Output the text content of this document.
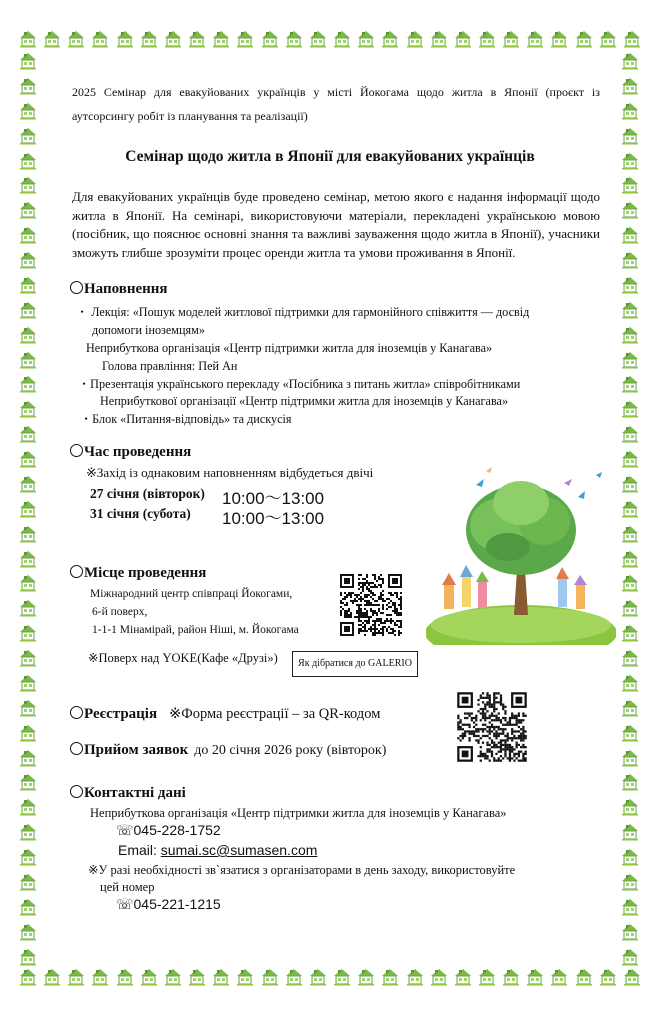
2025 Семінар для евакуйованих українців у місті Йокогама щодо житла в Японії (проєкт із аутсорсингу робіт із планування та реалізації)
Семінар щодо житла в Японії для евакуйованих українців
Для евакуйованих українців буде проведено семінар, метою якого є надання інформації щодо житла в Японії. На семінарі, використовуючи матеріали, перекладені українською мовою (посібник, що пояснює основні знання та важливі зауваження щодо житла в Японії), учасники зможуть глибше зрозуміти процес оренди житла та умови проживання в Японії.
Наповнення
・ Лекція: «Пошук моделей житлової підтримки для гармонійного співжиття — досвід
допомоги іноземцям»
Неприбуткова організація «Центр підтримки житла для іноземців у Канагава»
Голова правління: Пей Ан
・Презентація українського перекладу «Посібника з питань житла» співробітниками
Неприбуткової організації «Центр підтримки житла для іноземців у Канагава»
・Блок «Питання-відповідь» та дискусія
Час проведення
※Захід із однаковим наповненням відбудеться двічі
27 січня (вівторок) 10:00～13:00
31 січня (субота) 10:00～13:00
Місце проведення
Міжнародний центр співпраці Йокогами,
6-й поверх,
1-1-1 Мінамірай, район Ніші, м. Йокогама
※Поверх над YOKE(Кафе «Друзі»)	Як дібратися до GALERIO
Реєстрація ※Форма реєстрації – за QR-кодом
Прийом заявок до 20 січня 2026 року (вівторок)
Контактні дані
Неприбуткова організація «Центр підтримки житла для іноземців у Канагава»
☏045-228-1752
Email: sumai.sc@sumasen.com
※У разі необхідності зв`язатися з організаторами в день заходу, використовуйте
цей номер
☏045-221-1215
